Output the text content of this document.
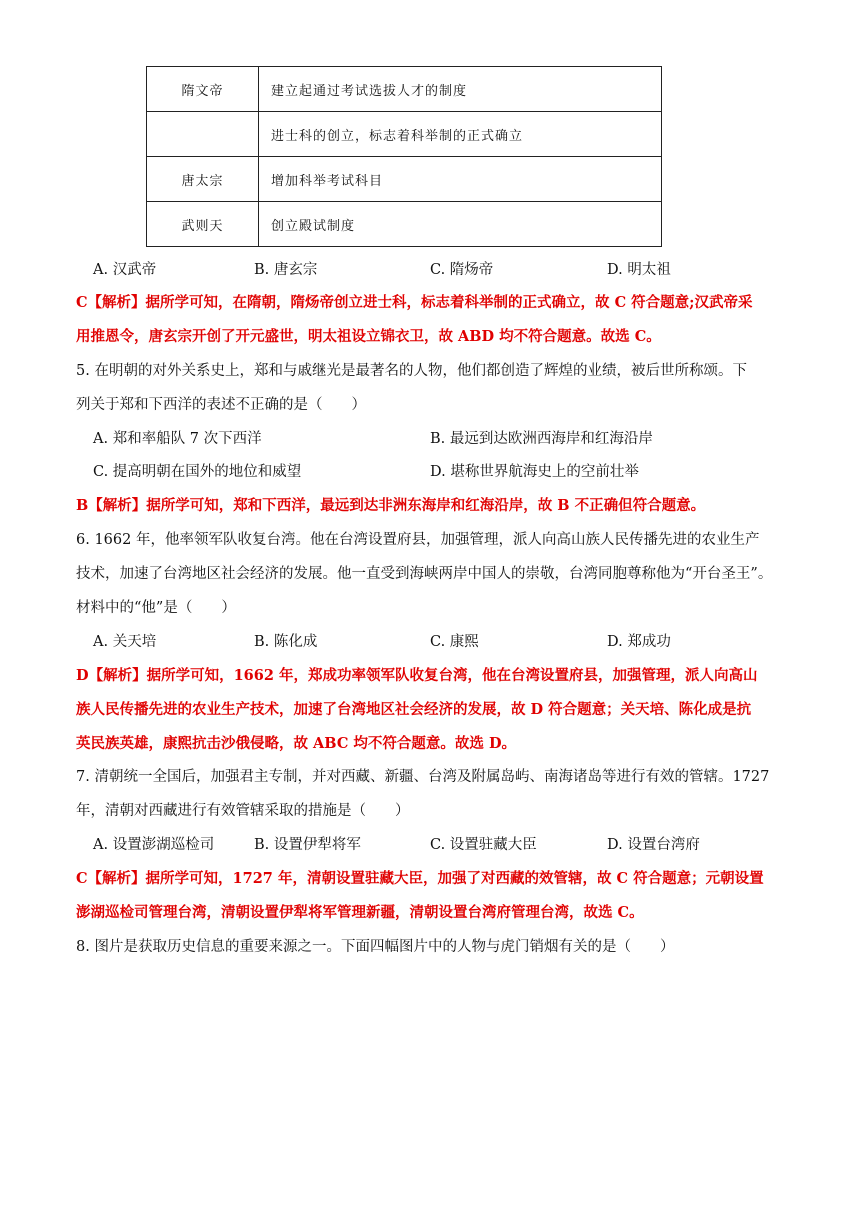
隋文帝	建立起通过考试选拔人才的制度
	进士科的创立，标志着科举制的正式确立
唐太宗	增加科举考试科目
武则天	创立殿试制度
A. 汉武帝	B. 唐玄宗	C. 隋炀帝	D. 明太祖
C【解析】据所学可知，在隋朝，隋炀帝创立进士科，标志着科举制的正式确立，故 C 符合题意;汉武帝采
用推恩令，唐玄宗开创了开元盛世，明太祖设立锦衣卫，故 ABD 均不符合题意。故选 C。
5. 在明朝的对外关系史上，郑和与戚继光是最著名的人物，他们都创造了辉煌的业绩，被后世所称颂。下
列关于郑和下西洋的表述不正确的是（　　）
A. 郑和率船队 7 次下西洋	B. 最远到达欧洲西海岸和红海沿岸
C. 提高明朝在国外的地位和威望	D. 堪称世界航海史上的空前壮举
B【解析】据所学可知，郑和下西洋，最远到达非洲东海岸和红海沿岸，故 B 不正确但符合题意。
6. 1662 年，他率领军队收复台湾。他在台湾设置府县，加强管理，派人向高山族人民传播先进的农业生产
技术，加速了台湾地区社会经济的发展。他一直受到海峡两岸中国人的崇敬，台湾同胞尊称他为“开台圣王”。
材料中的“他”是（　　）
A. 关天培	B. 陈化成	C. 康熙	D. 郑成功
D【解析】据所学可知，1662 年，郑成功率领军队收复台湾，他在台湾设置府县，加强管理，派人向高山
族人民传播先进的农业生产技术，加速了台湾地区社会经济的发展，故 D 符合题意；关天培、陈化成是抗
英民族英雄，康熙抗击沙俄侵略，故 ABC 均不符合题意。故选 D。
7. 清朝统一全国后，加强君主专制，并对西藏、新疆、台湾及附属岛屿、南海诸岛等进行有效的管辖。1727
年，清朝对西藏进行有效管辖采取的措施是（　　）
A. 设置澎湖巡检司	B. 设置伊犁将军	C. 设置驻藏大臣	D. 设置台湾府
C【解析】据所学可知，1727 年，清朝设置驻藏大臣，加强了对西藏的效管辖，故 C 符合题意；元朝设置
澎湖巡检司管理台湾，清朝设置伊犁将军管理新疆，清朝设置台湾府管理台湾，故选 C。
8. 图片是获取历史信息的重要来源之一。下面四幅图片中的人物与虎门销烟有关的是（　　）
